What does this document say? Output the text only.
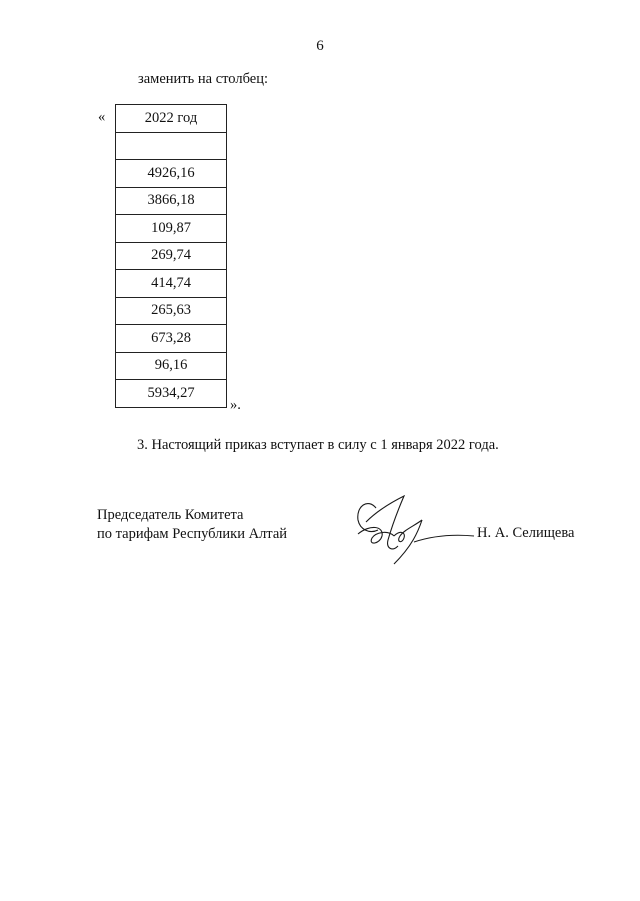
6
заменить на столбец:
«	2022 год

4926,16
3866,18
109,87
269,74
414,74
265,63
673,28
96,16
5934,27
».
3. Настоящий приказ вступает в силу с 1 января 2022 года.
Председатель Комитета
по тарифам Республики Алтай	Н. А. Селищева
